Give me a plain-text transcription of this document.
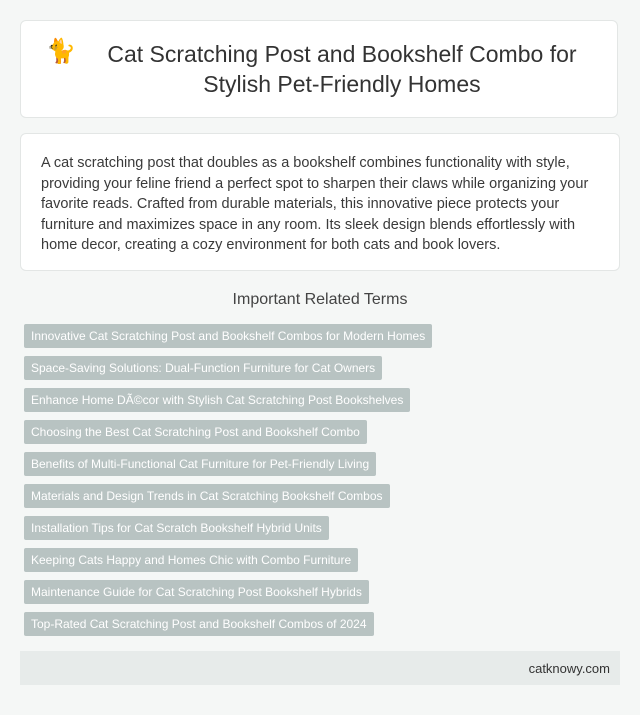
🐈	Cat Scratching Post and Bookshelf Combo for Stylish Pet-Friendly Homes

A cat scratching post that doubles as a bookshelf combines functionality with style, providing your feline friend a perfect spot to sharpen their claws while organizing your favorite reads. Crafted from durable materials, this innovative piece protects your furniture and maximizes space in any room. Its sleek design blends effortlessly with home decor, creating a cozy environment for both cats and book lovers.

Important Related Terms
Innovative Cat Scratching Post and Bookshelf Combos for Modern Homes
Space-Saving Solutions: Dual-Function Furniture for Cat Owners
Enhance Home DÃ©cor with Stylish Cat Scratching Post Bookshelves
Choosing the Best Cat Scratching Post and Bookshelf Combo
Benefits of Multi-Functional Cat Furniture for Pet-Friendly Living
Materials and Design Trends in Cat Scratching Bookshelf Combos
Installation Tips for Cat Scratch Bookshelf Hybrid Units
Keeping Cats Happy and Homes Chic with Combo Furniture
Maintenance Guide for Cat Scratching Post Bookshelf Hybrids
Top-Rated Cat Scratching Post and Bookshelf Combos of 2024
catknowy.com
